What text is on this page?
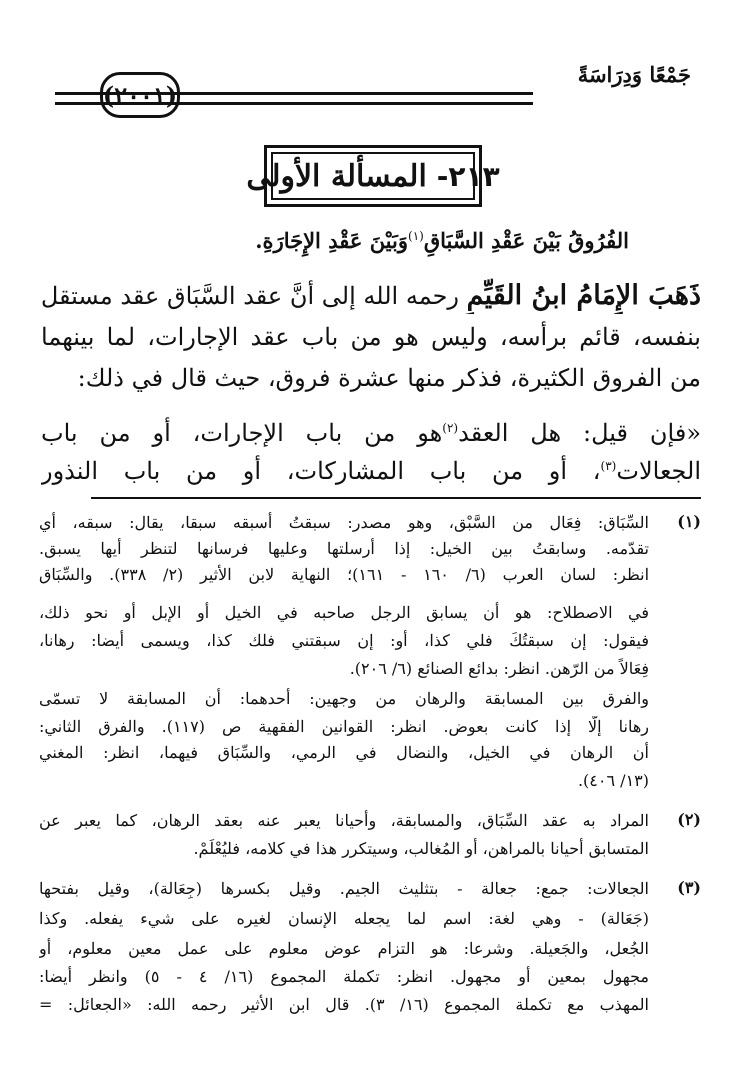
جَمْعًا وَدِرَاسَةً
(٢٠٠١)
٢١٣-
المسألة الأولى
الفُرُوقُ بَيْنَ عَقْدِ السَّبَاقِ$^{(١)}$وَبَيْنَ عَقْدِ الإِجَارَةِ.
ذَهَبَ الإِمَامُ ابنُ القَيِّمِ رحمه الله إلى أنَّ عقد السَّبَاق عقد مستقل
بنفسه، قائم برأسه، وليس هو من باب عقد الإجارات، لما بينهما
من الفروق الكثيرة، فذكر منها عشرة فروق، حيث قال في ذلك:
«فإن قيل: هل العقد$^{(٢)}$هو من باب الإجارات، أو من باب
الجعالات$^{(٣)}$، أو من باب المشاركات، أو من باب النذور
(١)
السِّبَاق: فِعَال من السَّبْق، وهو مصدر: سبقتُ أسبقه سبقا، يقال: سبقه، أي
تقدّمه. وسابقتُ بين الخيل: إذا أرسلتها وعليها فرسانها لتنظر أيها يسبق.
انظر: لسان العرب (٦/ ١٦٠ - ١٦١)؛ النهاية لابن الأثير (٢/ ٣٣٨). والسِّبَاق
في الاصطلاح: هو أن يسابق الرجل صاحبه في الخيل أو الإبل أو نحو ذلك،
فيقول: إن سبقتُكَ فلي كذا، أو: إن سبقتني فلك كذا، ويسمى أيضا: رهانا،
فِعَالاً من الرّهن. انظر: بدائع الصنائع (٦/ ٢٠٦).
والفرق بين المسابقة والرهان من وجهين: أحدهما: أن المسابقة لا تسمّى
رهانا إلّا إذا كانت بعوض. انظر: القوانين الفقهية ص (١١٧). والفرق الثاني:
أن الرهان في الخيل، والنضال في الرمي، والسِّبَاق فيهما، انظر: المغني
(١٣/ ٤٠٦).
(٢)
المراد به عقد السِّبَاق، والمسابقة، وأحيانا يعبر عنه بعقد الرهان، كما يعبر عن
المتسابق أحيانا بالمراهن، أو المُغالب، وسيتكرر هذا في كلامه، فليُعْلَمْ.
(٣)
الجعالات: جمع: جعالة - بتثليث الجيم. وقيل بكسرها (جِعَالة)، وقيل بفتحها
(جَعَالة) - وهي لغة: اسم لما يجعله الإنسان لغيره على شيء يفعله. وكذا
الجُعل، والجَعيلة. وشرعا: هو التزام عوض معلوم على عمل معين معلوم، أو
مجهول بمعين أو مجهول. انظر: تكملة المجموع (١٦/ ٤ - ٥) وانظر أيضا:
المهذب مع تكملة المجموع (١٦/ ٣). قال ابن الأثير رحمه الله: «الجعائل: =
